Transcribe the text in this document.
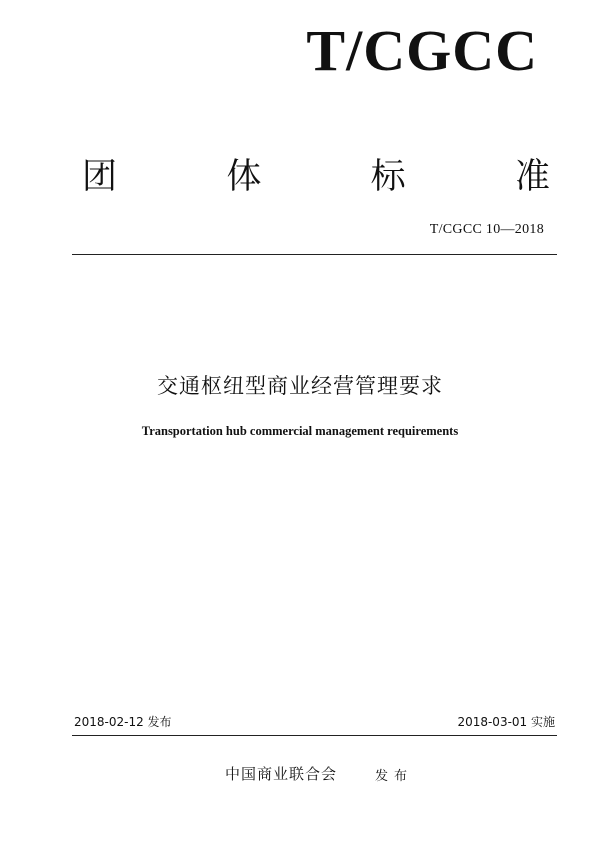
T/CGCC
团	体	标	准
T/CGCC 10—2018
交通枢纽型商业经营管理要求
Transportation hub commercial management requirements
2018-02-12 发布	2018-03-01 实施
中国商业联合会	发布
